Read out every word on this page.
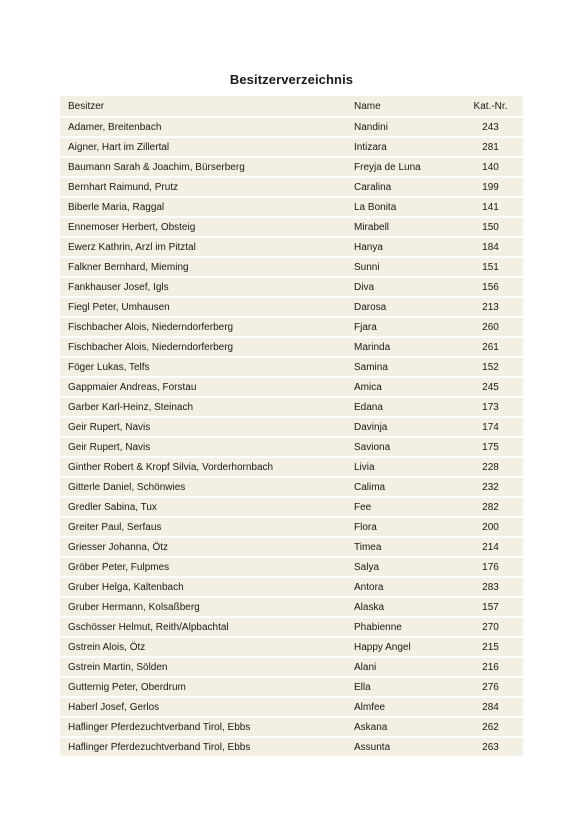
Besitzerverzeichnis
Besitzer	Name	Kat.-Nr.
Adamer, Breitenbach	Nandini	243
Aigner, Hart im Zillertal	Intizara	281
Baumann Sarah & Joachim, Bürserberg	Freyja de Luna	140
Bernhart Raimund, Prutz	Caralina	199
Biberle Maria, Raggal	La Bonita	141
Ennemoser Herbert, Obsteig	Mirabell	150
Ewerz Kathrin, Arzl im Pitztal	Hanya	184
Falkner Bernhard, Mieming	Sunni	151
Fankhauser Josef, Igls	Diva	156
Fiegl Peter, Umhausen	Darosa	213
Fischbacher Alois, Niederndorferberg	Fjara	260
Fischbacher Alois, Niederndorferberg	Marinda	261
Föger Lukas, Telfs	Samina	152
Gappmaier Andreas, Forstau	Amica	245
Garber Karl-Heinz, Steinach	Edana	173
Geir Rupert, Navis	Davinja	174
Geir Rupert, Navis	Saviona	175
Ginther Robert & Kropf Silvia, Vorderhornbach	Livia	228
Gitterle Daniel, Schönwies	Calima	232
Gredler Sabina, Tux	Fee	282
Greiter Paul, Serfaus	Flora	200
Griesser Johanna, Ötz	Timea	214
Gröber Peter, Fulpmes	Salya	176
Gruber Helga, Kaltenbach	Antora	283
Gruber Hermann, Kolsaßberg	Alaska	157
Gschösser Helmut, Reith/Alpbachtal	Phabienne	270
Gstrein Alois, Ötz	Happy Angel	215
Gstrein Martin, Sölden	Alani	216
Gutternig Peter, Oberdrum	Ella	276
Haberl Josef, Gerlos	Almfee	284
Haflinger Pferdezuchtverband Tirol, Ebbs	Askana	262
Haflinger Pferdezuchtverband Tirol, Ebbs	Assunta	263
